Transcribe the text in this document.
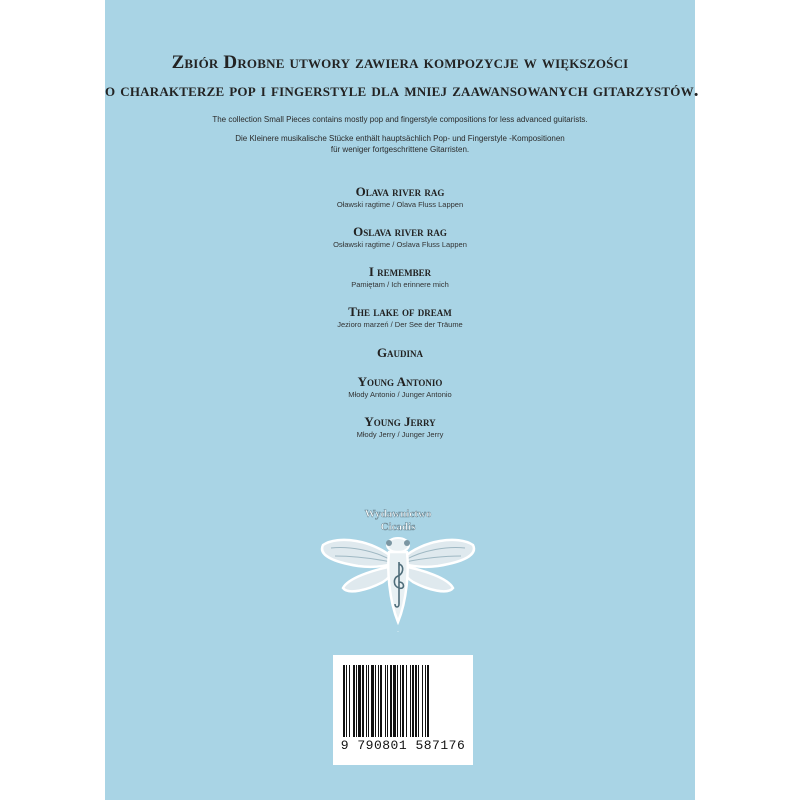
Zbiór Drobne utwory zawiera kompozycje w większości
o charakterze pop i fingerstyle dla mniej zaawansowanych gitarzystów.
The collection Small Pieces contains mostly pop and fingerstyle compositions for less advanced guitarists.
Die Kleinere musikalische Stücke enthält hauptsächlich Pop- und Fingerstyle -Kompositionen
für weniger fortgeschrittene Gitarristen.
Olava river rag
Oławski ragtime / Olava Fluss Lappen
Oslava river rag
Osławski ragtime / Oslava Fluss Lappen
I remember
Pamiętam / Ich erinnere mich
The lake of dream
Jezioro marzeń / Der See der Träume
Gaudina
Young Antonio
Młody Antonio / Junger Antonio
Young Jerry
Młody Jerry / Junger Jerry
Wydawnictwo
Cicadis
~
9 790801 587176
